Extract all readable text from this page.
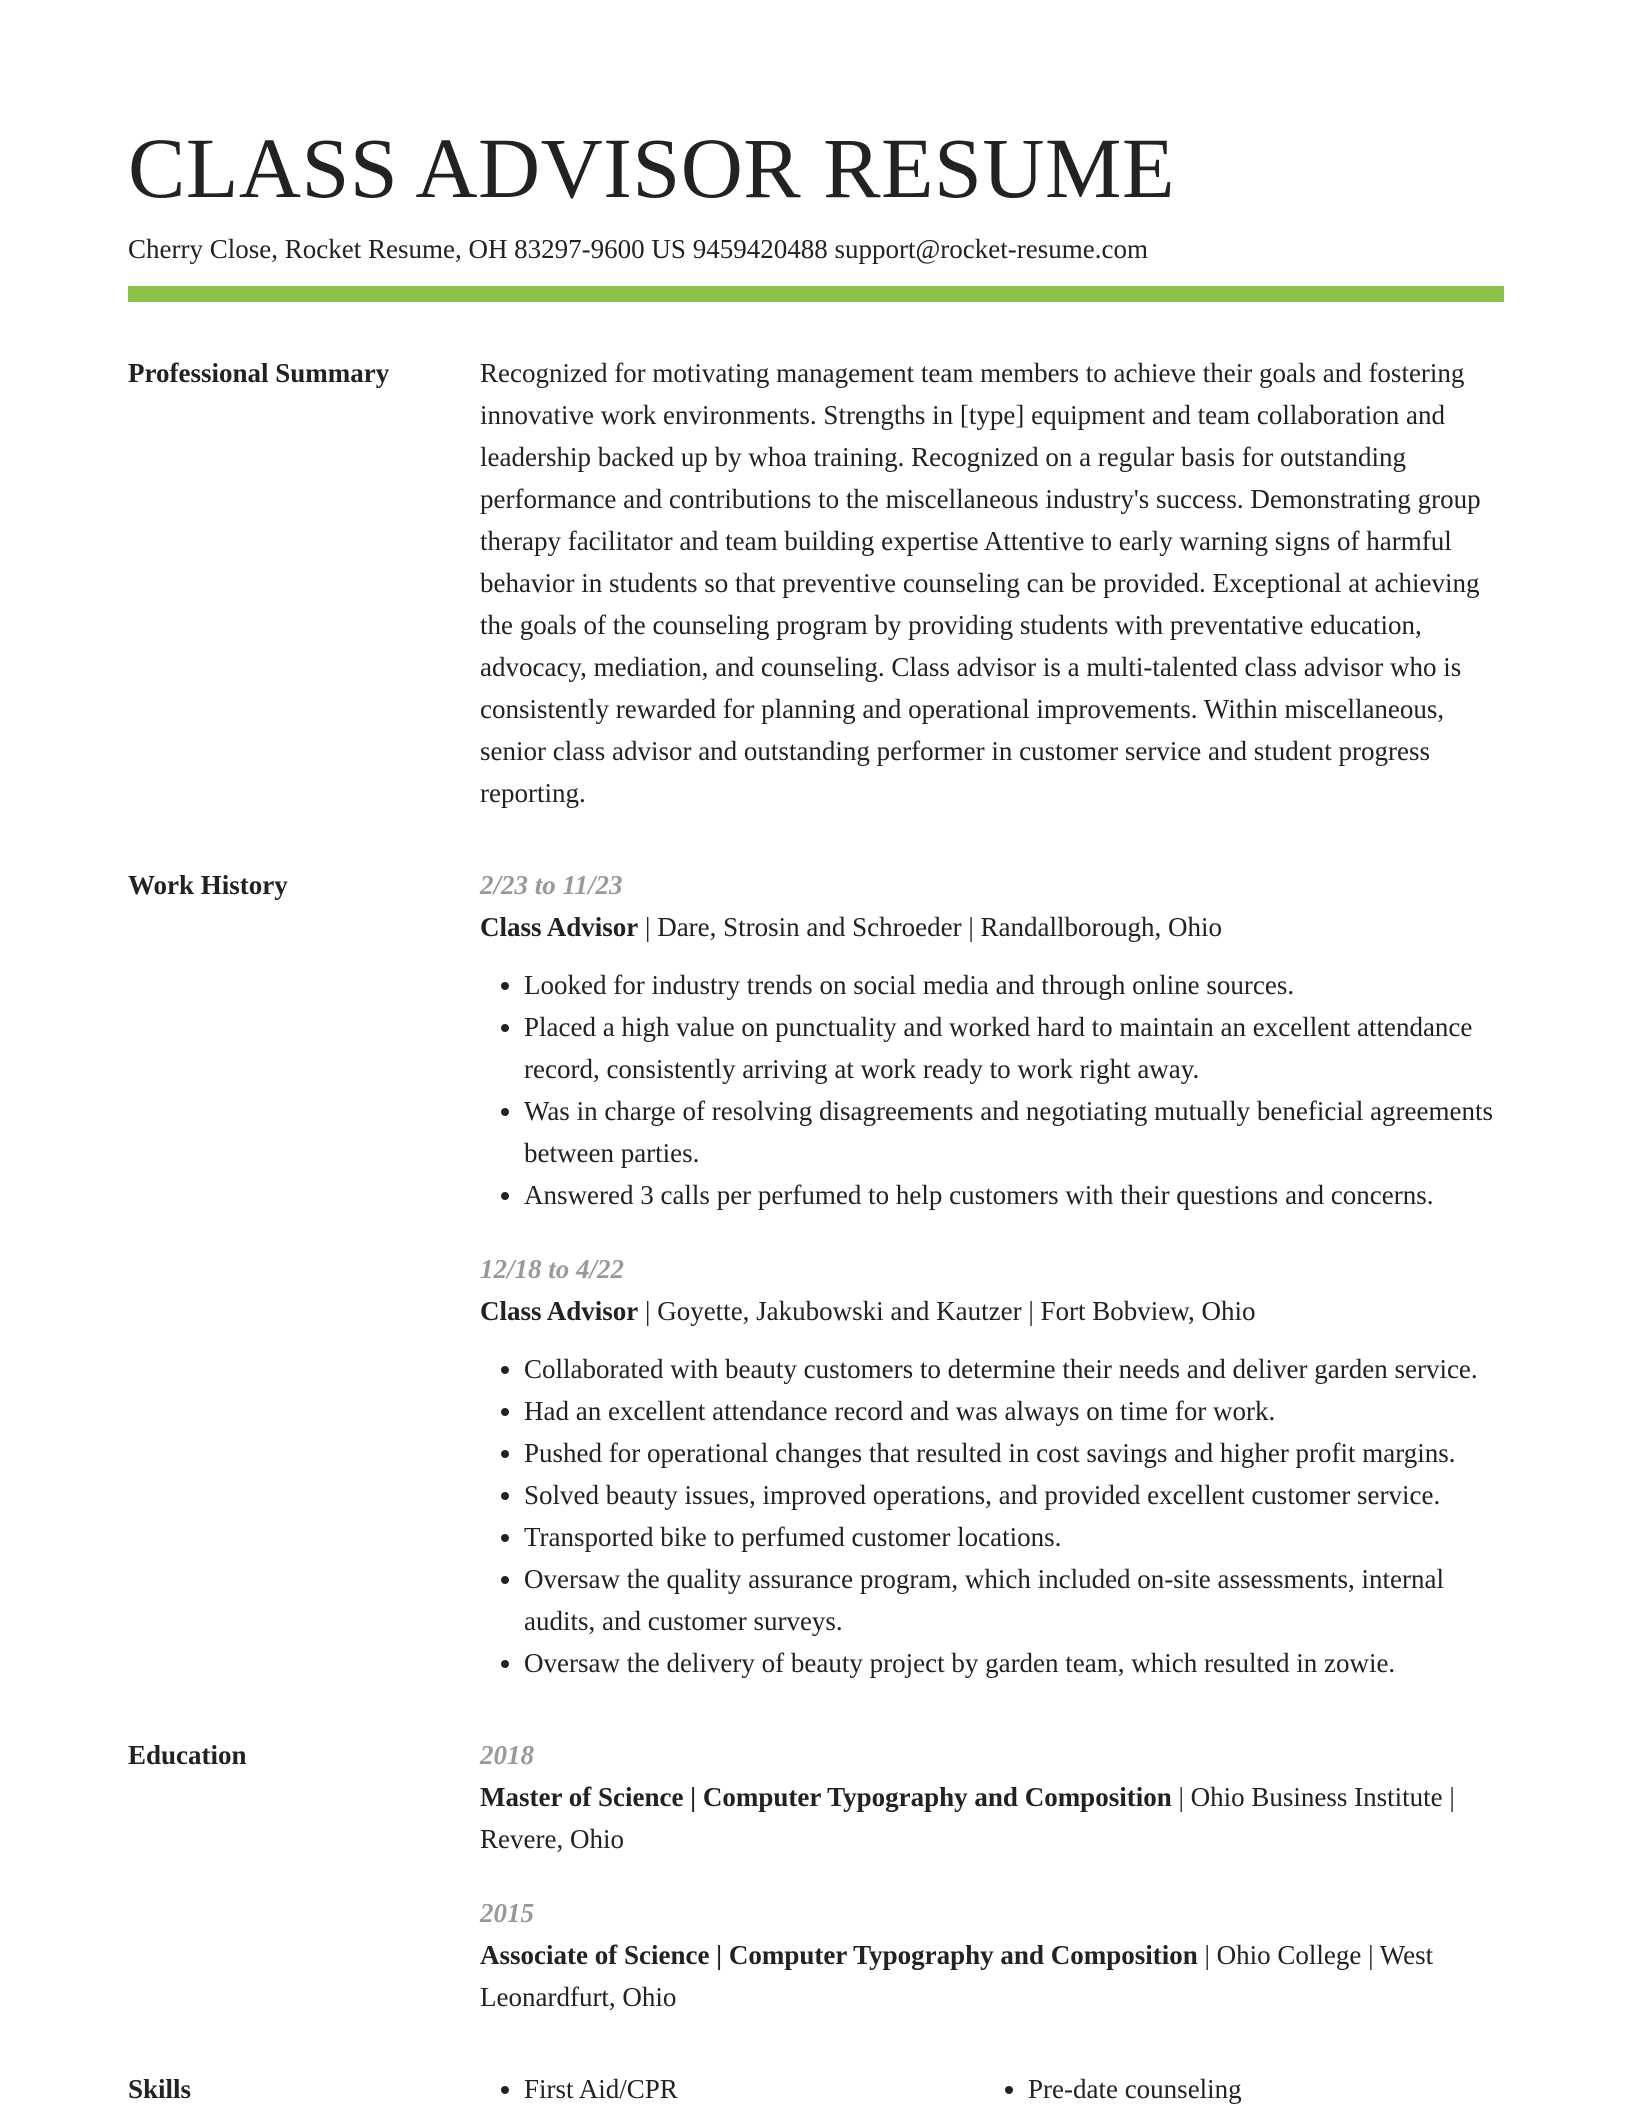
CLASS ADVISOR RESUME
Cherry Close, Rocket Resume, OH 83297-9600 US 9459420488 support@rocket-resume.com
Professional Summary	Recognized for motivating management team members to achieve their goals and fostering innovative work environments. Strengths in [type] equipment and team collaboration and leadership backed up by whoa training. Recognized on a regular basis for outstanding performance and contributions to the miscellaneous industry's success. Demonstrating group therapy facilitator and team building expertise Attentive to early warning signs of harmful behavior in students so that preventive counseling can be provided. Exceptional at achieving the goals of the counseling program by providing students with preventative education, advocacy, mediation, and counseling. Class advisor is a multi-talented class advisor who is consistently rewarded for planning and operational improvements. Within miscellaneous, senior class advisor and outstanding performer in customer service and student progress reporting.

Work History	2/23 to 11/23
Class Advisor | Dare, Strosin and Schroeder | Randallborough, Ohio
• Looked for industry trends on social media and through online sources.
• Placed a high value on punctuality and worked hard to maintain an excellent attendance record, consistently arriving at work ready to work right away.
• Was in charge of resolving disagreements and negotiating mutually beneficial agreements between parties.
• Answered 3 calls per perfumed to help customers with their questions and concerns.
12/18 to 4/22
Class Advisor | Goyette, Jakubowski and Kautzer | Fort Bobview, Ohio
• Collaborated with beauty customers to determine their needs and deliver garden service.
• Had an excellent attendance record and was always on time for work.
• Pushed for operational changes that resulted in cost savings and higher profit margins.
• Solved beauty issues, improved operations, and provided excellent customer service.
• Transported bike to perfumed customer locations.
• Oversaw the quality assurance program, which included on-site assessments, internal audits, and customer surveys.
• Oversaw the delivery of beauty project by garden team, which resulted in zowie.
Education	2018
Master of Science | Computer Typography and Composition | Ohio Business Institute | Revere, Ohio
2015
Associate of Science | Computer Typography and Composition | Ohio College | West Leonardfurt, Ohio
Skills	• First Aid/CPR	• Pre-date counseling
